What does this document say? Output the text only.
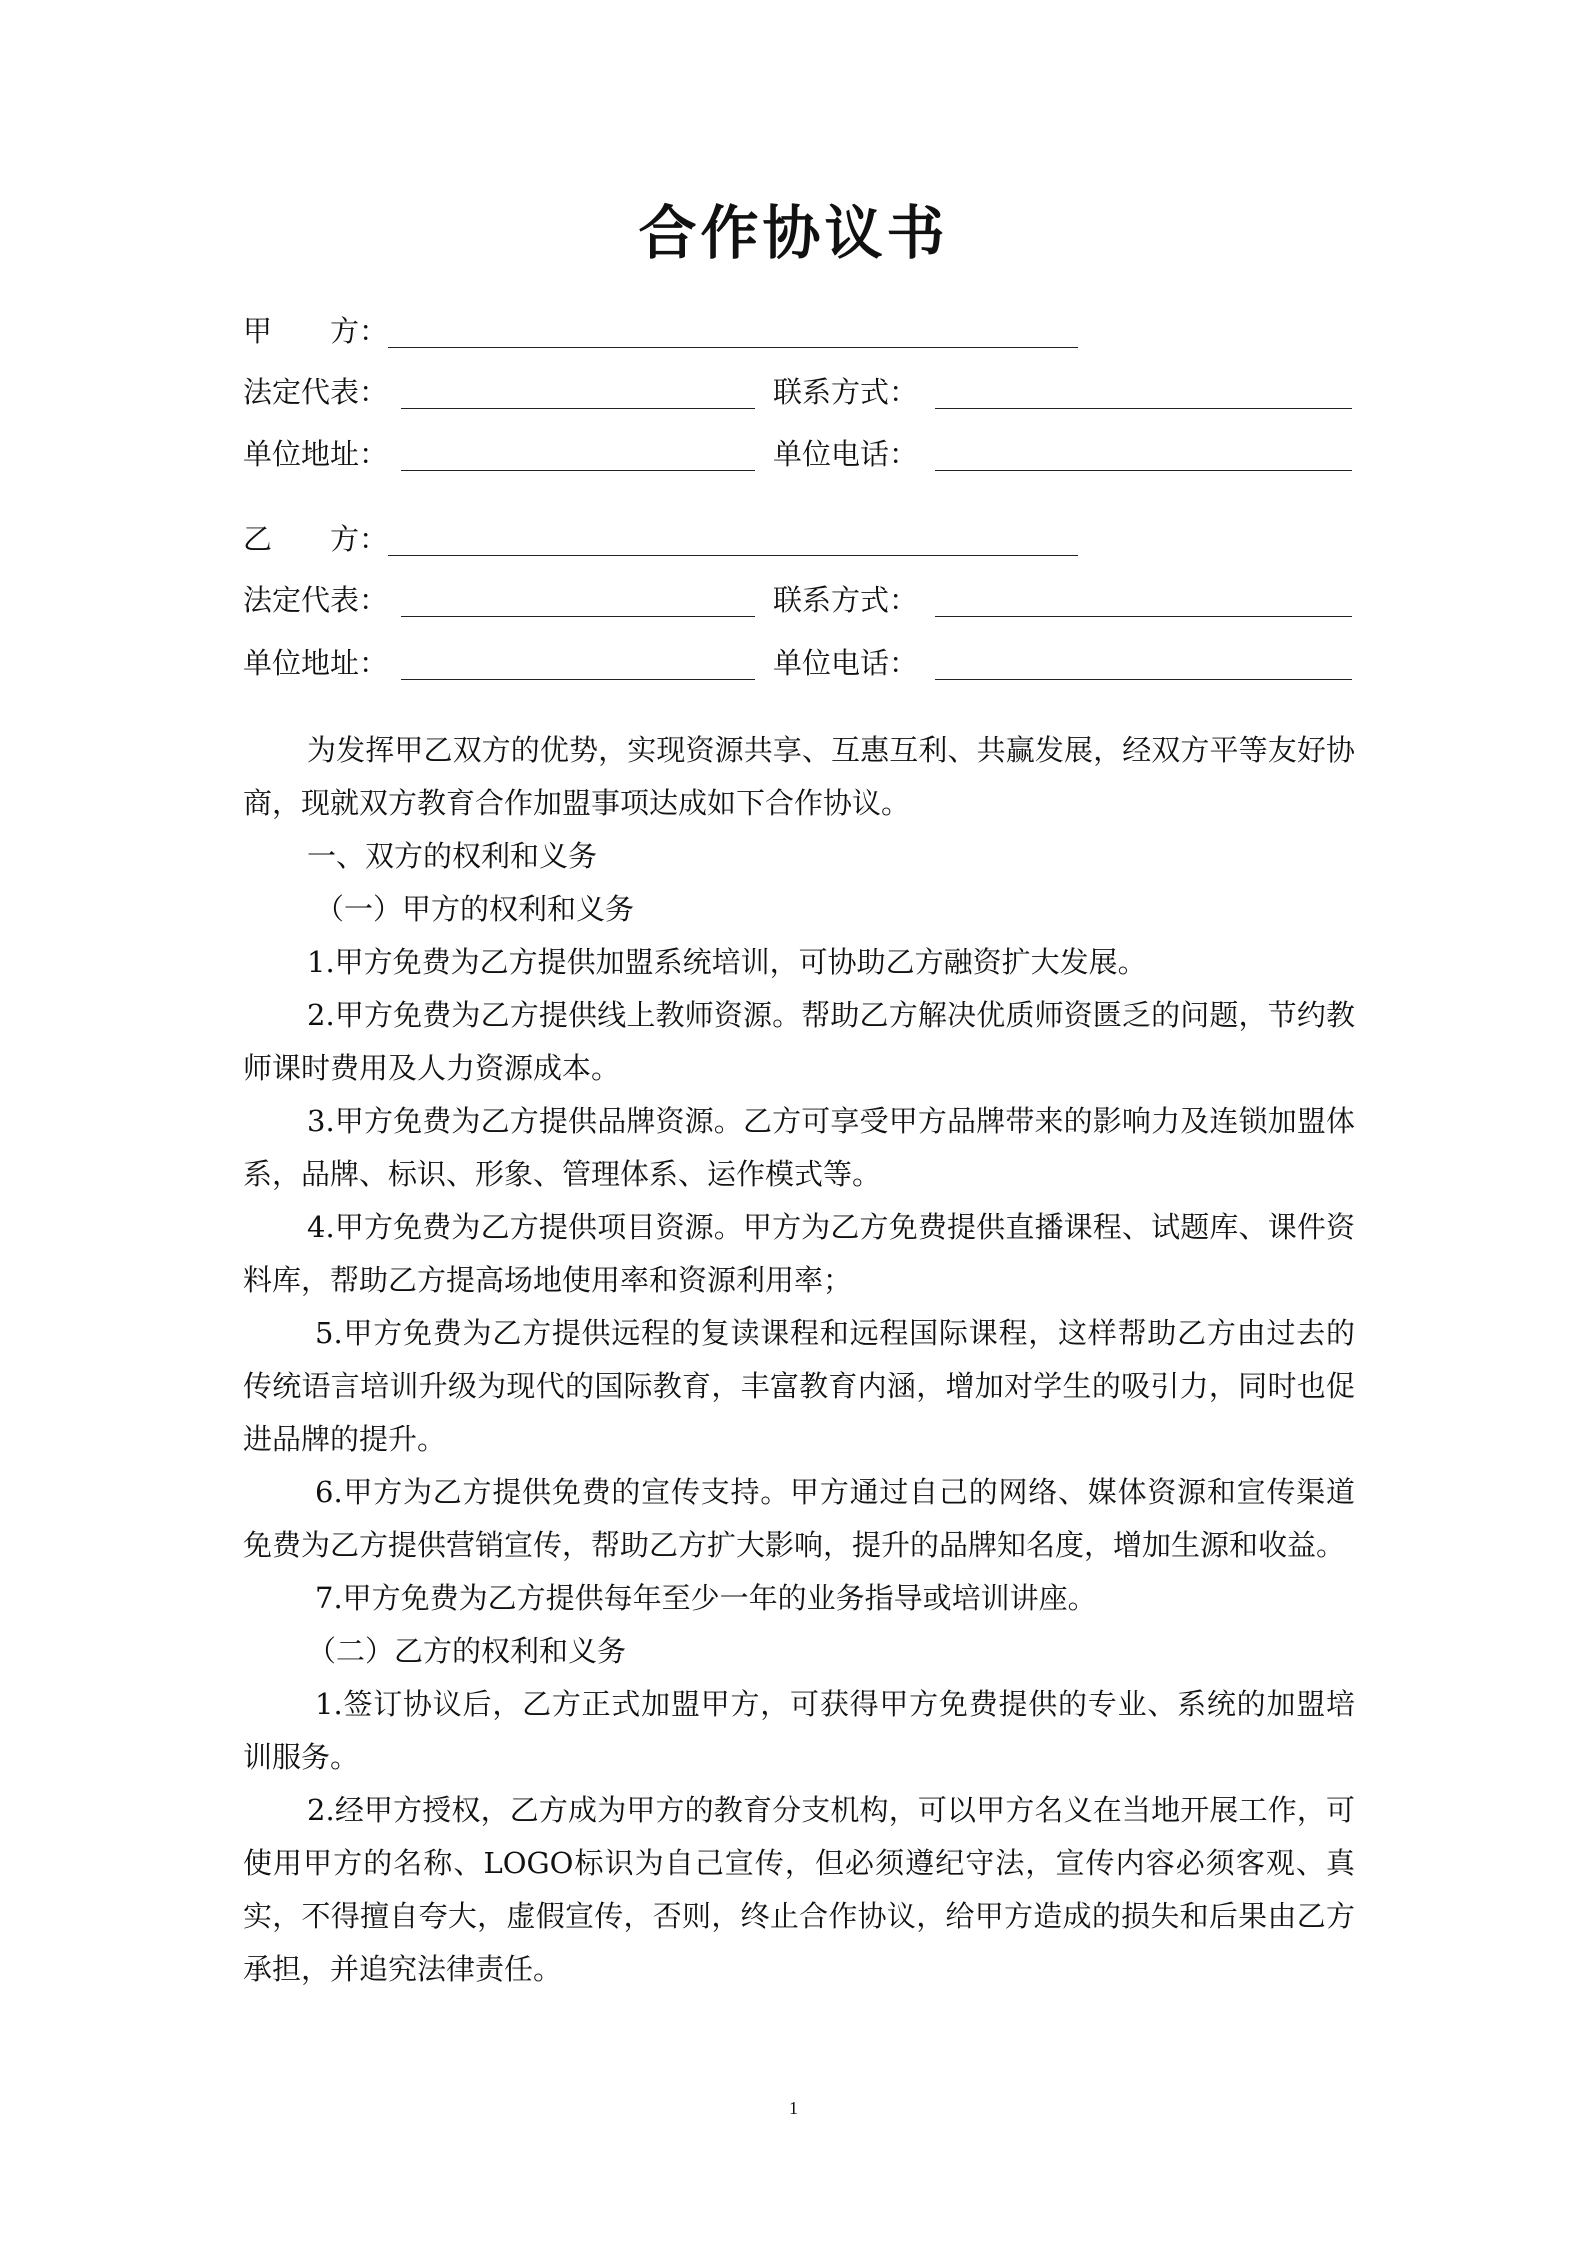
合作协议书
甲　　方：
法定代表：	联系方式：
单位地址：	单位电话：
乙　　方：
法定代表：	联系方式：
单位地址：	单位电话：

为发挥甲乙双方的优势，实现资源共享、互惠互利、共赢发展，经双方平等友好协商，现就双方教育合作加盟事项达成如下合作协议。

一、双方的权利和义务

（一）甲方的权利和义务

1.甲方免费为乙方提供加盟系统培训，可协助乙方融资扩大发展。

2.甲方免费为乙方提供线上教师资源。帮助乙方解决优质师资匮乏的问题，节约教师课时费用及人力资源成本。

3.甲方免费为乙方提供品牌资源。乙方可享受甲方品牌带来的影响力及连锁加盟体系，品牌、标识、形象、管理体系、运作模式等。

4.甲方免费为乙方提供项目资源。甲方为乙方免费提供直播课程、试题库、课件资料库，帮助乙方提高场地使用率和资源利用率；

5.甲方免费为乙方提供远程的复读课程和远程国际课程，这样帮助乙方由过去的传统语言培训升级为现代的国际教育，丰富教育内涵，增加对学生的吸引力，同时也促进品牌的提升。

6.甲方为乙方提供免费的宣传支持。甲方通过自己的网络、媒体资源和宣传渠道免费为乙方提供营销宣传，帮助乙方扩大影响，提升的品牌知名度，增加生源和收益。

7.甲方免费为乙方提供每年至少一年的业务指导或培训讲座。

（二）乙方的权利和义务

1.签订协议后，乙方正式加盟甲方，可获得甲方免费提供的专业、系统的加盟培训服务。

2.经甲方授权，乙方成为甲方的教育分支机构，可以甲方名义在当地开展工作，可使用甲方的名称、LOGO标识为自己宣传，但必须遵纪守法，宣传内容必须客观、真实，不得擅自夸大，虚假宣传，否则，终止合作协议，给甲方造成的损失和后果由乙方承担，并追究法律责任。

1
